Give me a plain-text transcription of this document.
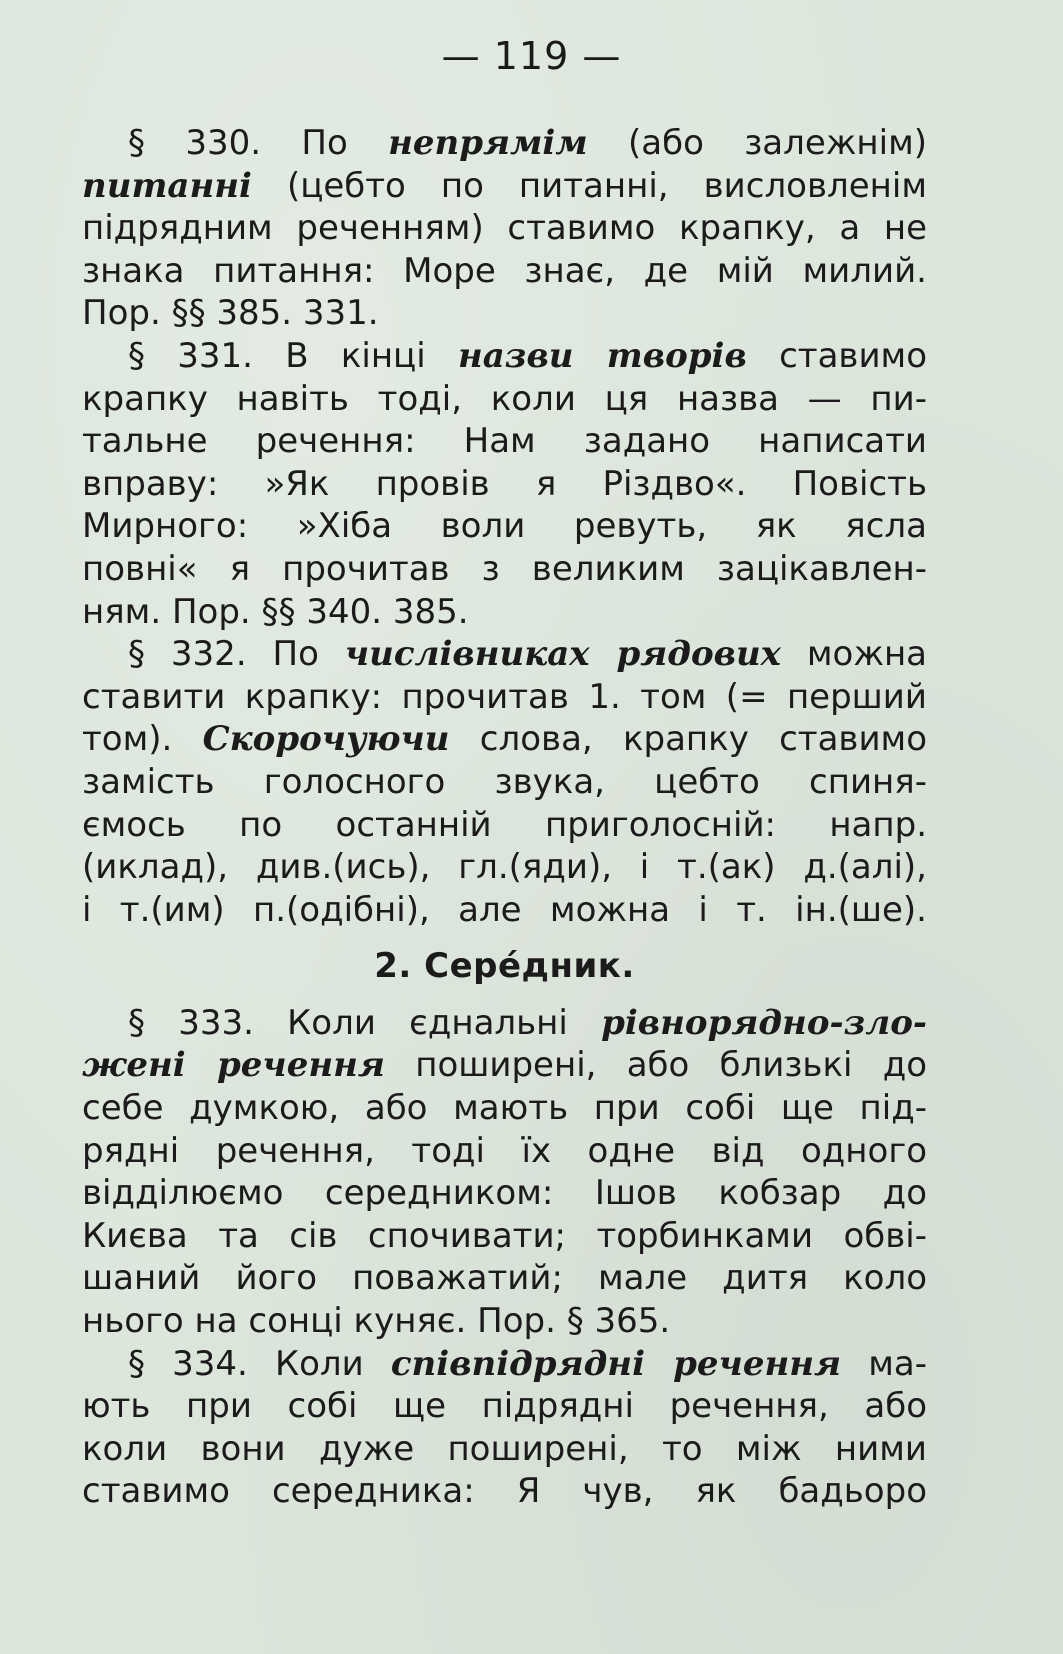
— 119 —
§ 330. По непрямім (або залежнім)
питанні (цебто по питанні, висловленім
підрядним реченням) ставимо крапку, а не
знака питання: Море знає, де мій милий.
Пор. §§ 385. 331.
§ 331. В кінці назви творів ставимо
крапку навіть тоді, коли ця назва — пи-
тальне речення: Нам задано написати
вправу: »Як провів я Різдво«. Повість
Мирного: »Хіба воли ревуть, як ясла
повні« я прочитав з великим зацікавлен-
ням. Пор. §§ 340. 385.
§ 332. По числівниках рядових можна
ставити крапку: прочитав 1. том (= перший
том). Скорочуючи слова, крапку ставимо
замість голосного звука, цебто спиня-
ємось по останній приголосній: напр.
(иклад), див.(ись), гл.(яди), і т.(ак) д.(алі),
і т.(им) п.(одібні), але можна і т. ін.(ше).
2. Серéдник.
§ 333. Коли єднальні рівнорядно-зло-
жені речення поширені, або близькі до
себе думкою, або мають при собі ще під-
рядні речення, тоді їх одне від одного
відділюємо середником: Ішов кобзар до
Києва та сів спочивати; торбинками обві-
шаний його поважатий; мале дитя коло
нього на сонці куняє. Пор. § 365.
§ 334. Коли співпідрядні речення ма-
ють при собі ще підрядні речення, або
коли вони дуже поширені, то між ними
ставимо середника: Я чув, як бадьоро
